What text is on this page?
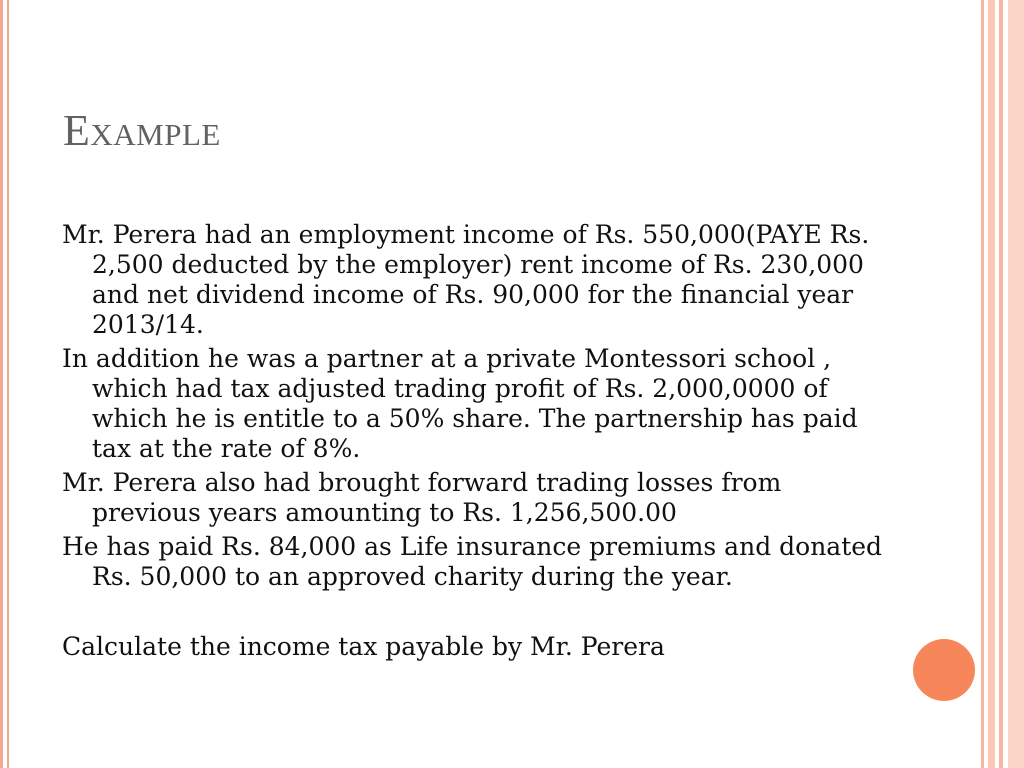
Example

Mr. Perera had an employment income of Rs. 550,000(PAYE Rs. 2,500 deducted by the employer) rent income of Rs. 230,000 and net dividend income of Rs. 90,000 for the financial year 2013/14.

In addition he was a partner at a private Montessori school , which had tax adjusted trading profit of Rs. 2,000,0000 of which he is entitle to a 50% share. The partnership has paid tax at the rate of 8%.

Mr. Perera also had brought forward trading losses from previous years amounting to Rs. 1,256,500.00

He has paid Rs. 84,000 as Life insurance premiums and donated Rs. 50,000 to an approved charity during the year.

Calculate the income tax payable by Mr. Perera
